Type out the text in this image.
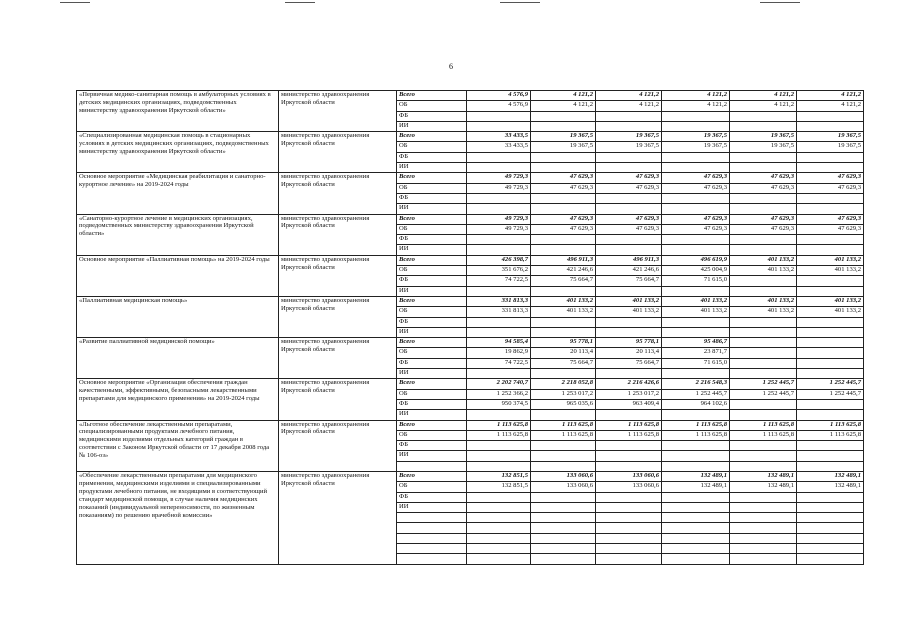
6
«Первичная медико-санитарная помощь в амбулаторных условиях в детских медицинских организациях, подведомственных министерству здравоохранения Иркутской области»	министерство здравоохранения Иркутской области	Всего	4 576,9	4 121,2	4 121,2	4 121,2	4 121,2	4 121,2
		ОБ	4 576,9	4 121,2	4 121,2	4 121,2	4 121,2	4 121,2
		ФБ						
		ИИ						
«Специализированная медицинская помощь в стационарных условиях в детских медицинских организациях, подведомственных министерству здравоохранения Иркутской области»	министерство здравоохранения Иркутской области	Всего	33 433,5	19 367,5	19 367,5	19 367,5	19 367,5	19 367,5
		ОБ	33 433,5	19 367,5	19 367,5	19 367,5	19 367,5	19 367,5
		ФБ						
		ИИ						
Основное мероприятие «Медицинская реабилитация и санаторно-курортное лечение» на 2019-2024 годы	министерство здравоохранения Иркутской области	Всего	49 729,3	47 629,3	47 629,3	47 629,3	47 629,3	47 629,3
		ОБ	49 729,3	47 629,3	47 629,3	47 629,3	47 629,3	47 629,3
		ФБ						
		ИИ						
«Санаторно-курортное лечение в медицинских организациях, подведомственных министерству здравоохранения Иркутской области»	министерство здравоохранения Иркутской области	Всего	49 729,3	47 629,3	47 629,3	47 629,3	47 629,3	47 629,3
		ОБ	49 729,3	47 629,3	47 629,3	47 629,3	47 629,3	47 629,3
		ФБ						
		ИИ						
Основное мероприятие «Паллиативная помощь» на 2019-2024 годы	министерство здравоохранения Иркутской области	Всего	426 398,7	496 911,3	496 911,3	496 619,9	401 133,2	401 133,2
		ОБ	351 676,2	421 246,6	421 246,6	425 004,9	401 133,2	401 133,2
		ФБ	74 722,5	75 664,7	75 664,7	71 615,0		
		ИИ						
«Паллиативная медицинская помощь»	министерство здравоохранения Иркутской области	Всего	331 813,3	401 133,2	401 133,2	401 133,2	401 133,2	401 133,2
		ОБ	331 813,3	401 133,2	401 133,2	401 133,2	401 133,2	401 133,2
		ФБ						
		ИИ						
«Развитие паллиативной медицинской помощи»	министерство здравоохранения Иркутской области	Всего	94 585,4	95 778,1	95 778,1	95 486,7		
		ОБ	19 862,9	20 113,4	20 113,4	23 871,7		
		ФБ	74 722,5	75 664,7	75 664,7	71 615,0		
		ИИ						
Основное мероприятие «Организация обеспечения граждан качественными, эффективными, безопасными лекарственными препаратами для медицинского применения» на 2019-2024 годы	министерство здравоохранения Иркутской области	Всего	2 202 740,7	2 218 052,8	2 216 426,6	2 216 548,3	1 252 445,7	1 252 445,7
		ОБ	1 252 366,2	1 253 017,2	1 253 017,2	1 252 445,7	1 252 445,7	1 252 445,7
		ФБ	950 374,5	965 035,6	963 409,4	964 102,6		
		ИИ						
«Льготное обеспечение лекарственными препаратами, специализированными продуктами лечебного питания, медицинскими изделиями отдельных категорий граждан в соответствии с Законом Иркутской области от 17 декабря 2008 года № 106-оз»	министерство здравоохранения Иркутской области	Всего	1 113 625,8	1 113 625,8	1 113 625,8	1 113 625,8	1 113 625,8	1 113 625,8
		ОБ	1 113 625,8	1 113 625,8	1 113 625,8	1 113 625,8	1 113 625,8	1 113 625,8
		ФБ						
		ИИ						

«Обеспечение лекарственными препаратами для медицинского применения, медицинскими изделиями и специализированными продуктами лечебного питания, не входящими в соответствующий стандарт медицинской помощи, в случае наличия медицинских показаний (индивидуальной непереносимости, по жизненным показаниям) по решению врачебной комиссии»	министерство здравоохранения Иркутской области	Всего	132 851,5	133 060,6	133 060,6	132 489,1	132 489,1	132 489,1
		ОБ	132 851,5	133 060,6	133 060,6	132 489,1	132 489,1	132 489,1
		ФБ						
		ИИ						
